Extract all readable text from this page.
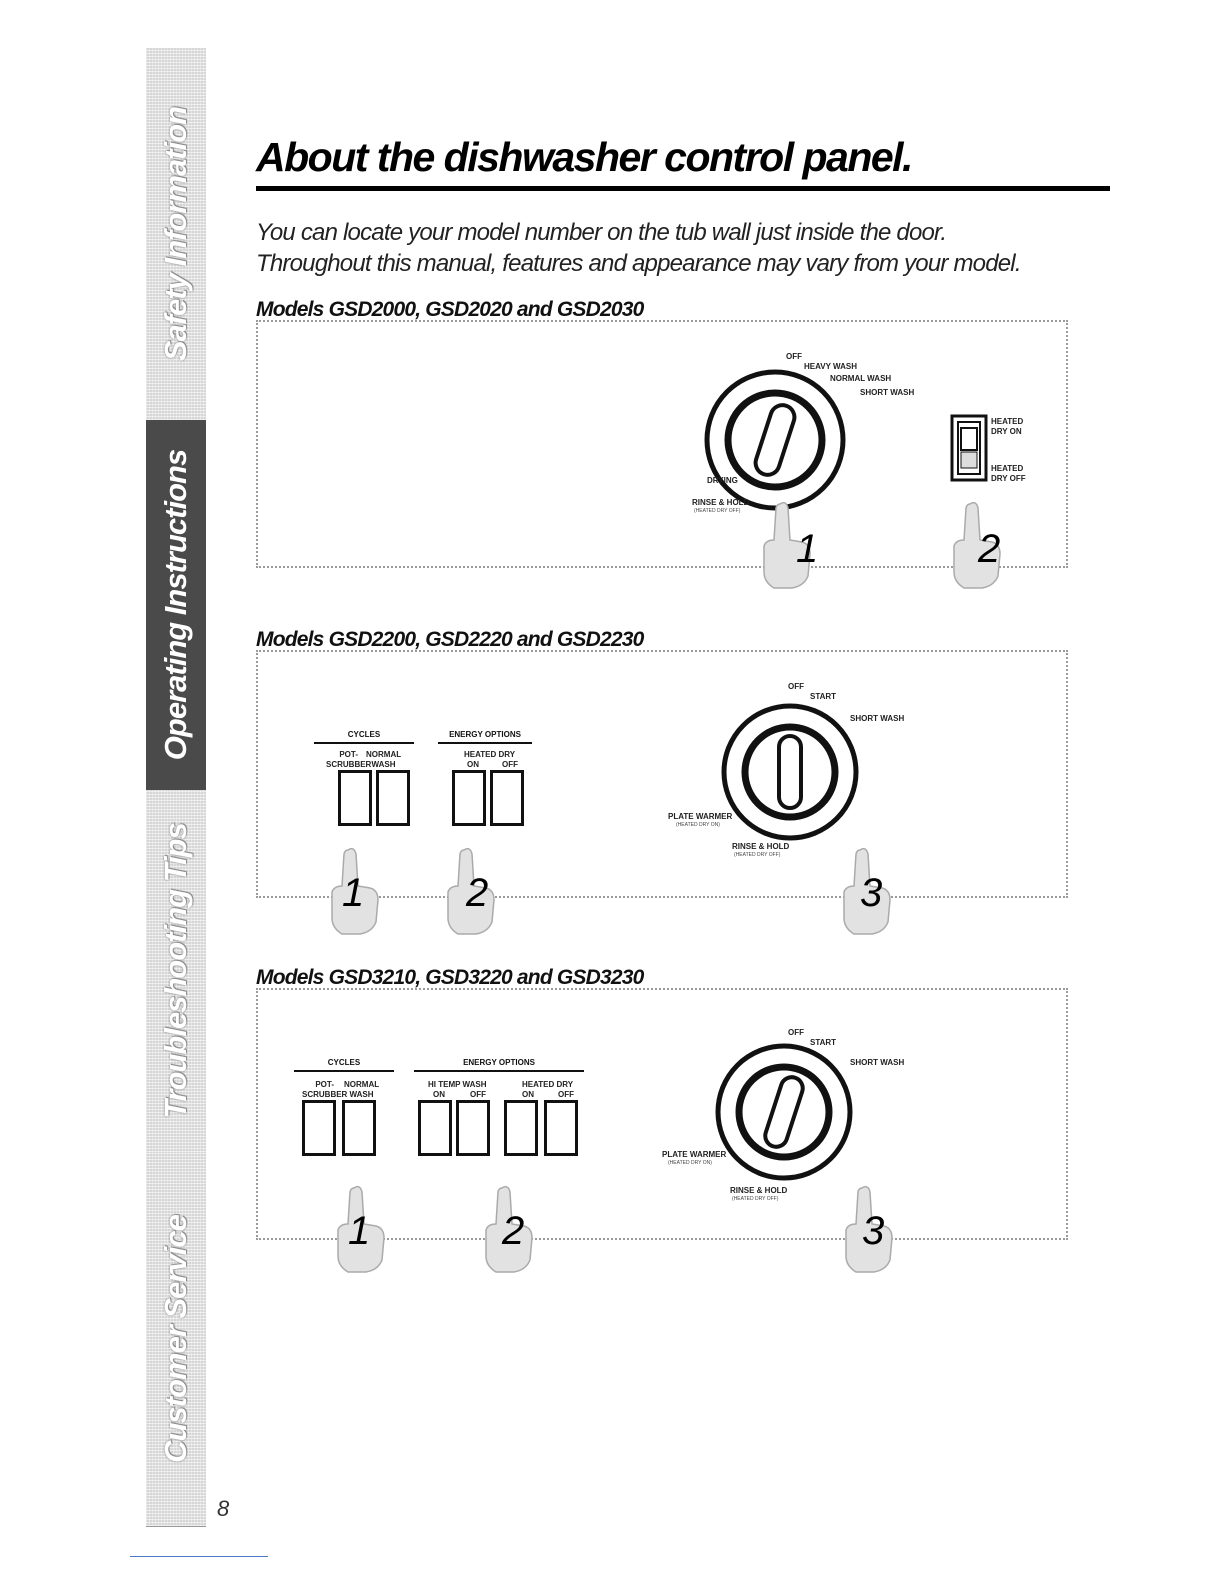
Safety Information
Operating Instructions
Troubleshooting Tips
Customer Service
8
About the dishwasher control panel.
You can locate your model number on the tub wall just inside the door.
Throughout this manual, features and appearance may vary from your model.
Models GSD2000, GSD2020 and GSD2030
OFF
HEAVY WASH
NORMAL WASH
SHORT WASH
DRYING
RINSE & HOLD
(HEATED DRY OFF)
HEATED DRY ON
HEATED DRY OFF
Models GSD2200, GSD2220 and GSD2230
CYCLES
POT-
SCRUBBER
NORMAL
WASH
ENERGY OPTIONS
HEATED DRY
ON	OFF
OFF
START
SHORT WASH
PLATE WARMER
(HEATED DRY ON)
RINSE & HOLD
(HEATED DRY OFF)
Models GSD3210, GSD3220 and GSD3230
CYCLES
POT-
SCRUBBER
NORMAL
WASH
ENERGY OPTIONS
HI TEMP WASH
ON	OFF
HEATED DRY
ON	OFF
OFF
START
SHORT WASH
PLATE WARMER
(HEATED DRY ON)
RINSE & HOLD
(HEATED DRY OFF)
1	2
1	2	3
1	2	3
